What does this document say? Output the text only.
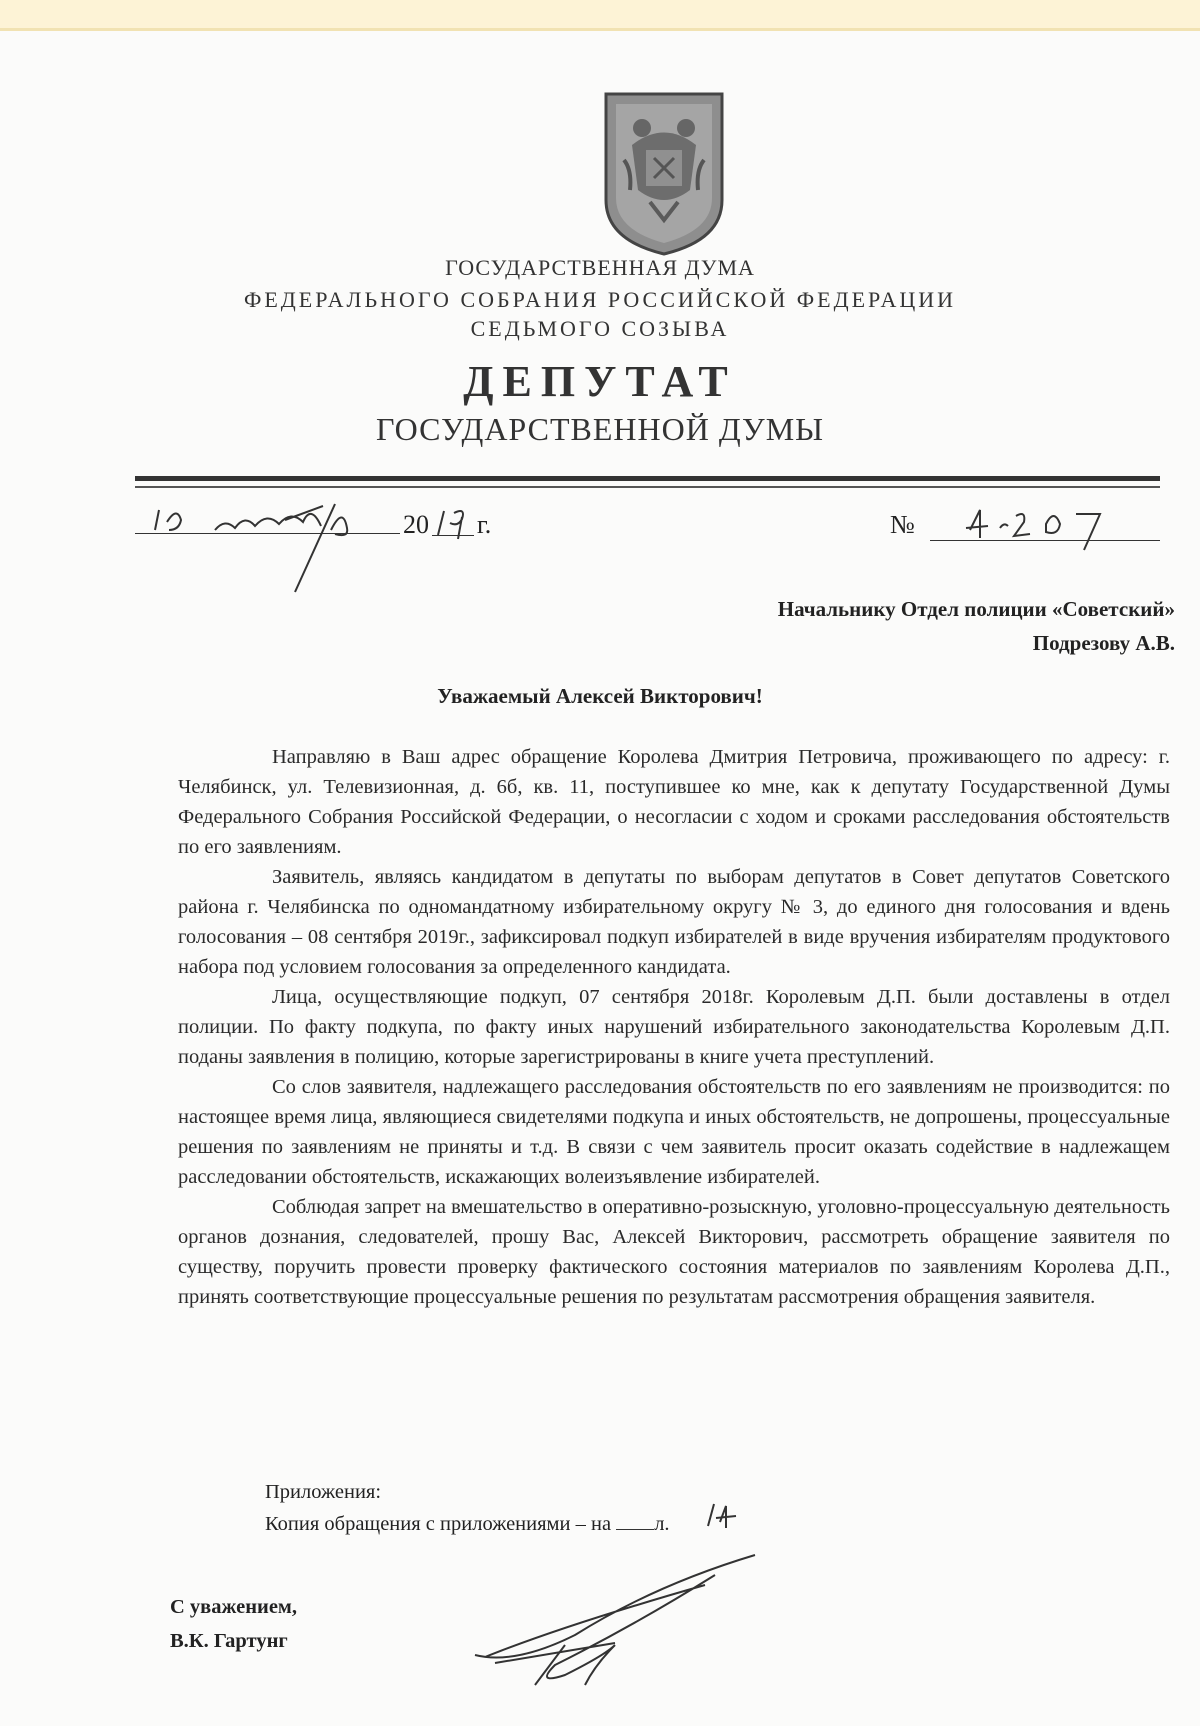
ГОСУДАРСТВЕННАЯ ДУМА
ФЕДЕРАЛЬНОГО СОБРАНИЯ РОССИЙСКОЙ ФЕДЕРАЦИИ
СЕДЬМОГО СОЗЫВА
ДЕПУТАТ
ГОСУДАРСТВЕННОЙ ДУМЫ
20 г.	№
Начальнику Отдел полиции «Советский»
Подрезову А.В.
Уважаемый Алексей Викторович!

Направляю в Ваш адрес обращение Королева Дмитрия Петровича, проживающего по адресу: г. Челябинск, ул. Телевизионная, д. 6б, кв. 11, поступившее ко мне, как к депутату Государственной Думы Федерального Собрания Российской Федерации, о несогласии с ходом и сроками расследования обстоятельств по его заявлениям.

Заявитель, являясь кандидатом в депутаты по выборам депутатов в Совет депутатов Советского района г. Челябинска по одномандатному избирательному округу № 3, до единого дня голосования и вдень голосования – 08 сентября 2019г., зафиксировал подкуп избирателей в виде вручения избирателям продуктового набора под условием голосования за определенного кандидата.

Лица, осуществляющие подкуп, 07 сентября 2018г. Королевым Д.П. были доставлены в отдел полиции. По факту подкупа, по факту иных нарушений избирательного законодательства Королевым Д.П. поданы заявления в полицию, которые зарегистрированы в книге учета преступлений.

Со слов заявителя, надлежащего расследования обстоятельств по его заявлениям не производится: по настоящее время лица, являющиеся свидетелями подкупа и иных обстоятельств, не допрошены, процессуальные решения по заявлениям не приняты и т.д. В связи с чем заявитель просит оказать содействие в надлежащем расследовании обстоятельств, искажающих волеизъявление избирателей.

Соблюдая запрет на вмешательство в оперативно-розыскную, уголовно-процессуальную деятельность органов дознания, следователей, прошу Вас, Алексей Викторович, рассмотреть обращение заявителя по существу, поручить провести проверку фактического состояния материалов по заявлениям Королева Д.П., принять соответствующие процессуальные решения по результатам рассмотрения обращения заявителя.

Приложения:
Копия обращения с приложениями – на л.
С уважением,
В.К. Гартунг
